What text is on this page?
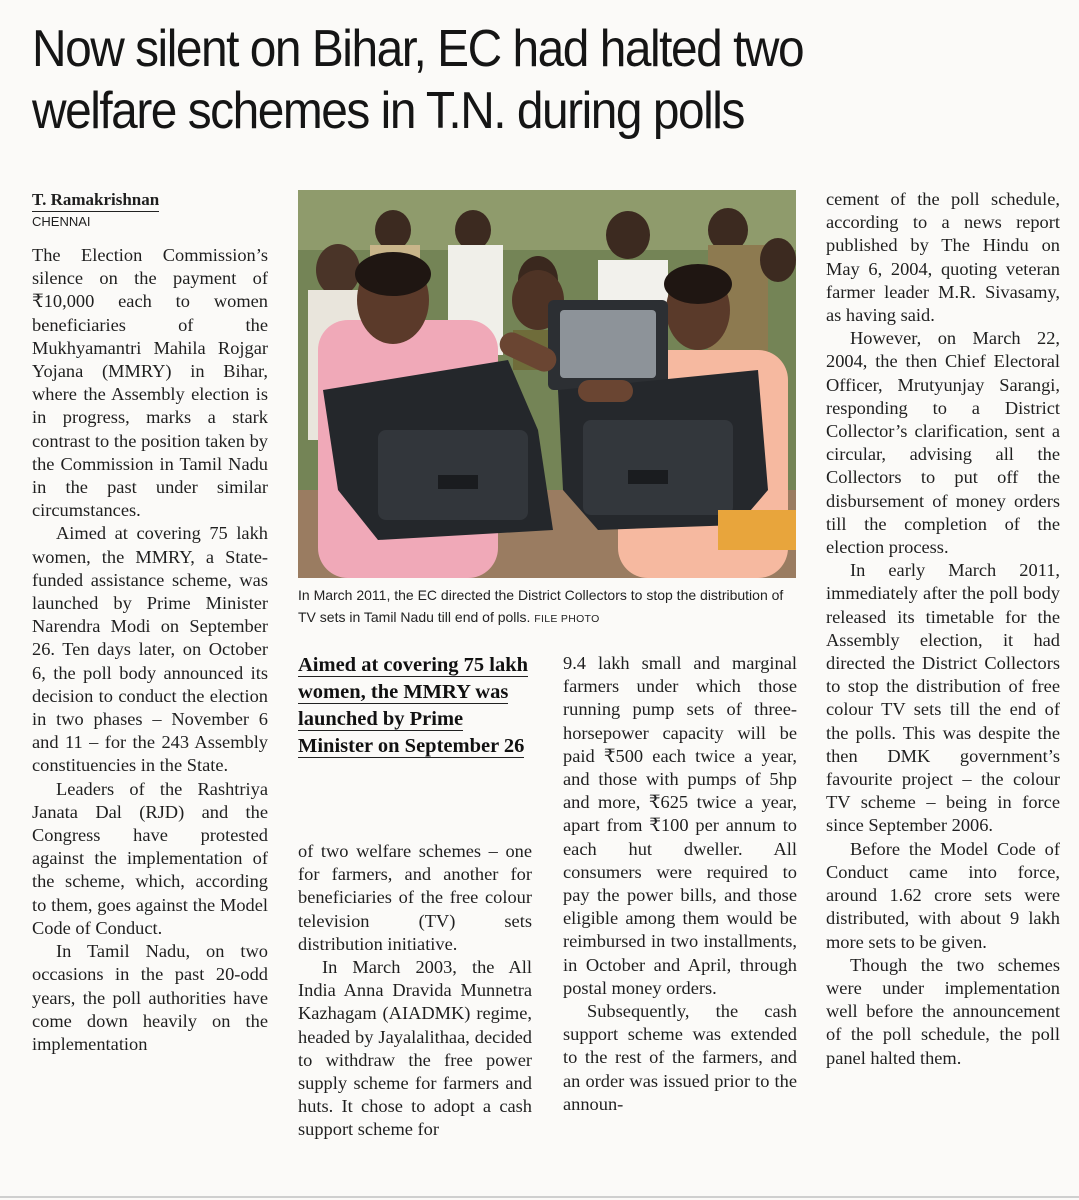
Now silent on Bihar, EC had halted two
welfare schemes in T.N. during polls
T. Ramakrishnan
CHENNAI

The Election Commission’s silence on the payment of ₹10,000 each to women beneficiaries of the Mukhyamantri Mahila Rojgar Yojana (MMRY) in Bihar, where the Assembly election is in progress, marks a stark contrast to the position taken by the Commission in Tamil Nadu in the past under similar circumstances.

Aimed at covering 75 lakh women, the MMRY, a State-funded assistance scheme, was launched by Prime Minister Narendra Modi on September 26. Ten days later, on October 6, the poll body announced its decision to conduct the election in two phases – November 6 and 11 – for the 243 Assembly constituencies in the State.

Leaders of the Rashtriya Janata Dal (RJD) and the Congress have protested against the implementation of the scheme, which, according to them, goes against the Model Code of Conduct.

In Tamil Nadu, on two occasions in the past 20-odd years, the poll authorities have come down heavily on the implementation

In March 2011, the EC directed the District Collectors to stop the distribution of TV sets in Tamil Nadu till end of polls. FILE PHOTO
Aimed at covering 75 lakh women, the MMRY was launched by Prime Minister on September 26

of two welfare schemes – one for farmers, and another for beneficiaries of the free colour television (TV) sets distribution initiative.

In March 2003, the All India Anna Dravida Munnetra Kazhagam (AIADMK) regime, headed by Jayalalithaa, decided to withdraw the free power supply scheme for farmers and huts. It chose to adopt a cash support scheme for

9.4 lakh small and marginal farmers under which those running pump sets of three-horsepower capacity will be paid ₹500 each twice a year, and those with pumps of 5hp and more, ₹625 twice a year, apart from ₹100 per annum to each hut dweller. All consumers were required to pay the power bills, and those eligible among them would be reimbursed in two installments, in October and April, through postal money orders.

Subsequently, the cash support scheme was extended to the rest of the farmers, and an order was issued prior to the announ-

cement of the poll schedule, according to a news report published by The Hindu on May 6, 2004, quoting veteran farmer leader M.R. Sivasamy, as having said.

However, on March 22, 2004, the then Chief Electoral Officer, Mrutyunjay Sarangi, responding to a District Collector’s clarification, sent a circular, advising all the Collectors to put off the disbursement of money orders till the completion of the election process.

In early March 2011, immediately after the poll body released its timetable for the Assembly election, it had directed the District Collectors to stop the distribution of free colour TV sets till the end of the polls. This was despite the then DMK government’s favourite project – the colour TV scheme – being in force since September 2006.

Before the Model Code of Conduct came into force, around 1.62 crore sets were distributed, with about 9 lakh more sets to be given.

Though the two schemes were under implementation well before the announcement of the poll schedule, the poll panel halted them.
